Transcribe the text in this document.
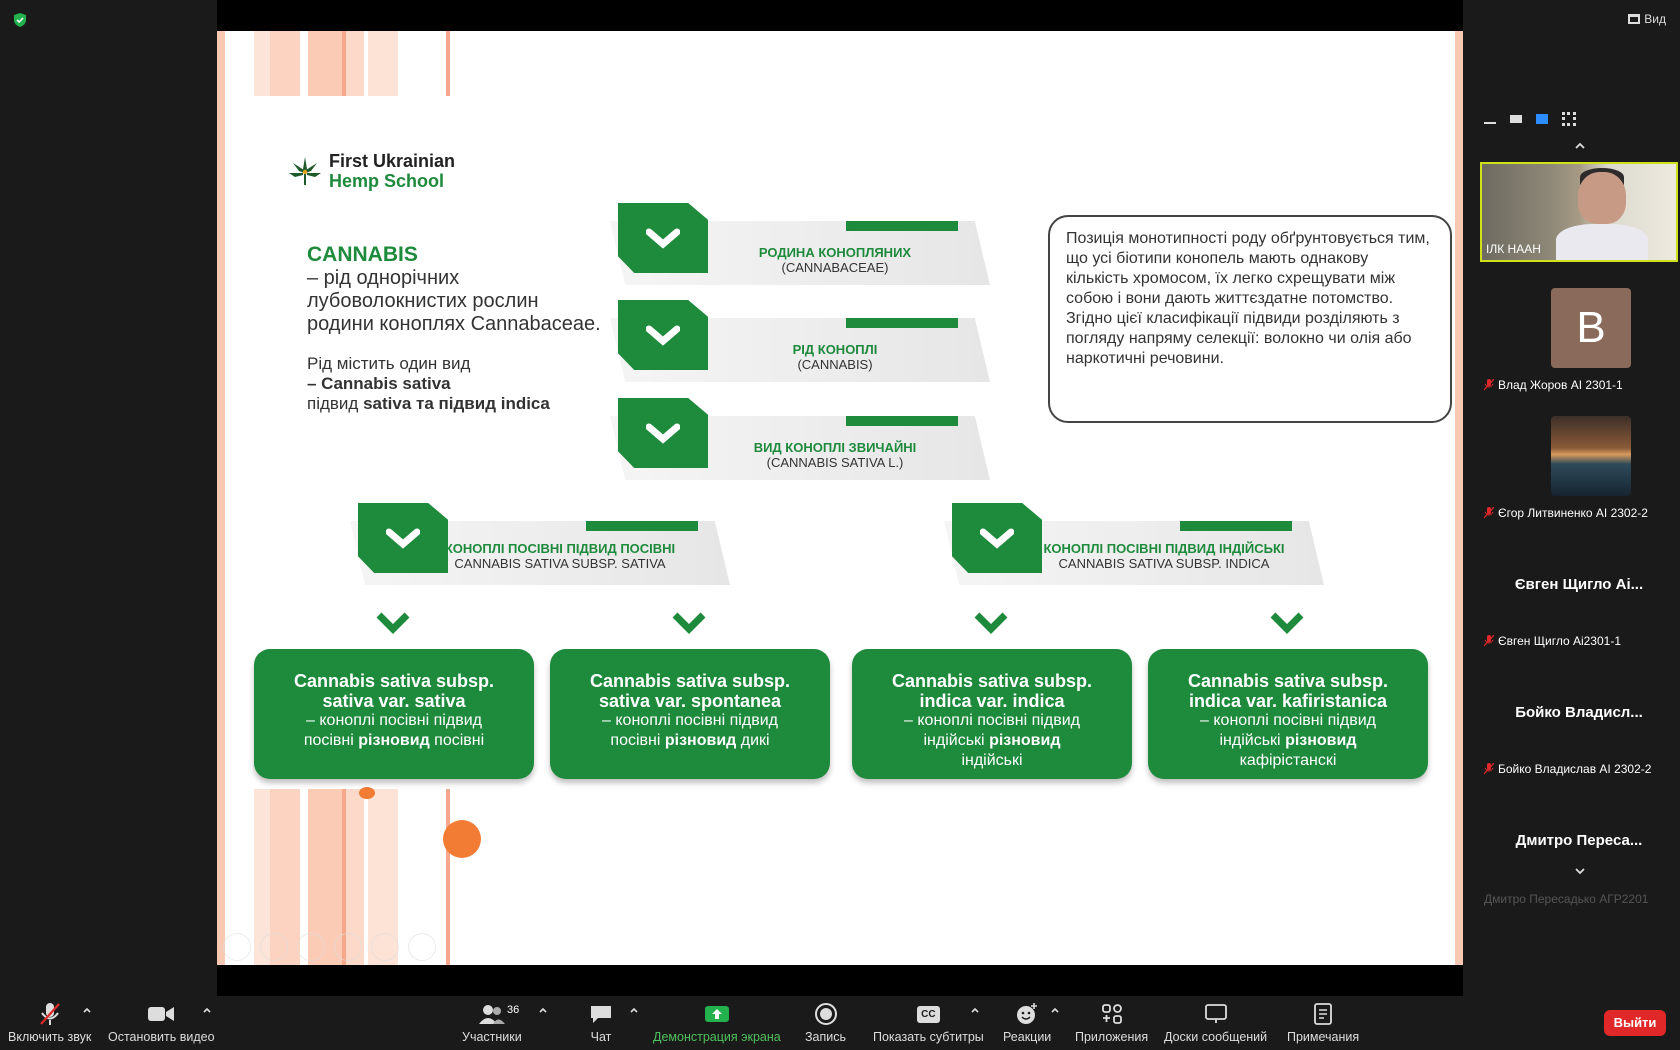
Вид
First Ukrainian
Hemp School
CANNABIS
– рід однорічних лубоволокнистих рослин родини коноплях Cannabaceae.
Рід містить один вид
– Cannabis sativa
підвид sativa та підвид indica
РОДИНА КОНОПЛЯНИХ
(CANNABACEAE)
РІД КОНОПЛІ
(CANNABIS)
ВИД КОНОПЛІ ЗВИЧАЙНІ
(CANNABIS SATIVA L.)
Позиція монотипності роду обґрунтовується тим, що усі біотипи конопель мають однакову кількість хромосом, їх легко схрещувати між собою і вони дають життєздатне потомство. Згідно цієї класифікації підвиди розділяють з погляду напряму селекції: волокно чи олія або наркотичні речовини.
КОНОПЛІ ПОСІВНІ ПІДВИД ПОСІВНІ
CANNABIS SATIVA SUBSP. SATIVA
КОНОПЛІ ПОСІВНІ ПІДВИД ІНДІЙСЬКІ
CANNABIS SATIVA SUBSP. INDICA
Cannabis sativa subsp.
sativa var. sativa
– коноплі посівні підвид
посівні різновид посівні
Cannabis sativa subsp.
sativa var. spontanea
– коноплі посівні підвид
посівні різновид дикі
Cannabis sativa subsp.
indica var. indica
– коноплі посівні підвид
індійські різновид
індійські
Cannabis sativa subsp.
indica var. kafiristanica
– коноплі посівні підвид
індійські різновид
кафірістанскі
ІЛК НААН
B
Влад Жоров AI 2301-1
Єгор Литвиненко AI 2302-2
Євген Щигло Аі...
Євген Щигло Аі2301-1
Бойко Владисл...
Бойко Владислав АІ 2302-2
Дмитро Переса...
Дмитро Пересадько АГР2201
Включить звук Остановить видео	Участники
36
Чат	Демонстрация экрана Запись
CC
Показать субтитры Реакции Приложения Доски сообщений Примечания
Выйти
